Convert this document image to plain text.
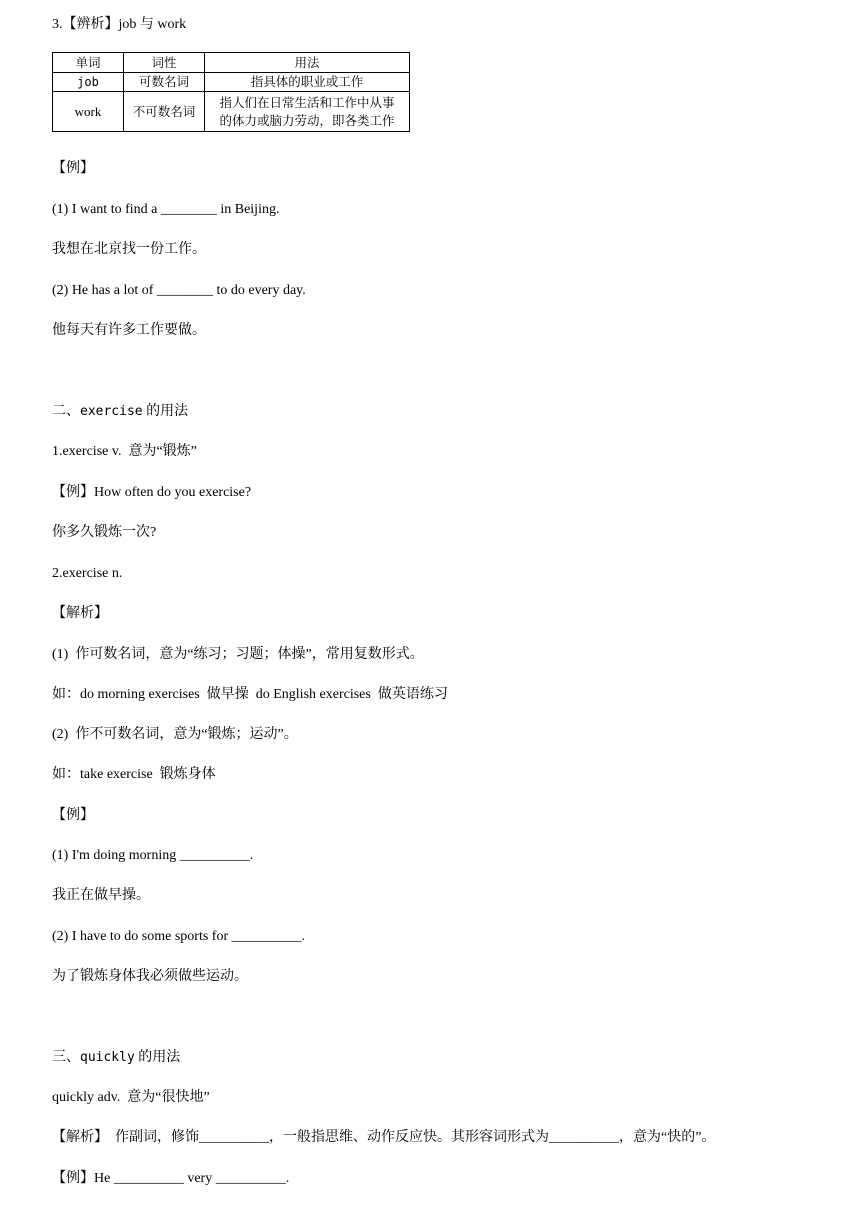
3.【辨析】job 与 work
单词	词性	用法
job	可数名词	指具体的职业或工作
work	不可数名词	指人们在日常生活和工作中从事
的体力或脑力劳动，即各类工作
【例】
(1) I want to find a ________ in Beijing.
我想在北京找一份工作。
(2) He has a lot of ________ to do every day.
他每天有许多工作要做。
二、exercise 的用法
1.exercise v.  意为“锻炼”
【例】How often do you exercise?
你多久锻炼一次?
2.exercise n.
【解析】
(1)  作可数名词，意为“练习；习题；体操”，常用复数形式。
如：do morning exercises  做早操  do English exercises  做英语练习
(2)  作不可数名词，意为“锻炼；运动”。
如：take exercise  锻炼身体
【例】
(1) I'm doing morning __________.
我正在做早操。
(2) I have to do some sports for __________.
为了锻炼身体我必须做些运动。
三、quickly 的用法
quickly adv.  意为“很快地”
【解析】  作副词，修饰__________，一般指思维、动作反应快。其形容词形式为__________，意为“快的”。
【例】He __________ very __________.
